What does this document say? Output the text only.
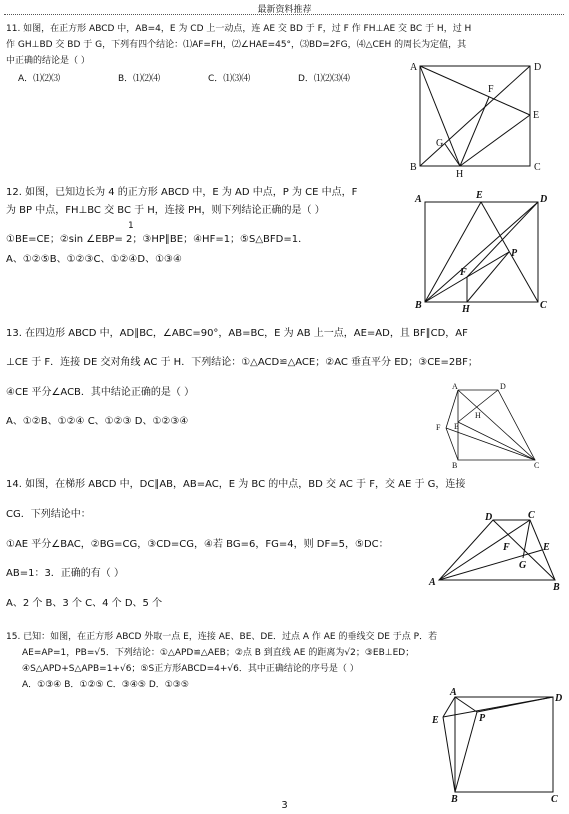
最新资料推荐
11. 如图，在正方形 ABCD 中，AB=4，E 为 CD 上一动点，连 AE 交 BD 于 F，过 F 作 FH⊥AE 交 BC 于 H，过 H
作 GH⊥BD 交 BD 于 G，下列有四个结论：⑴AF=FH，⑵∠HAE=45°，⑶BD=2FG，⑷△CEH 的周长为定值，其
中正确的结论是（ ）
A．⑴⑵⑶	B．⑴⑵⑷	C．⑴⑶⑷	D．⑴⑵⑶⑷
A	D
B	C
E
F
G
H
12. 如图，已知边长为 4 的正方形 ABCD 中，E 为 AD 中点，P 为 CE 中点，F
为 BP 中点，FH⊥BC 交 BC 于 H，连接 PH，则下列结论正确的是（ ）
1
①BE=CE；②sin ∠EBP= 2；③HP∥BE；④HF=1；⑤S△BFD=1．
A、①②⑤B、①②③C、①②④D、①③④
A	D
B	C
E
P
F
H
13. 在四边形 ABCD 中，AD∥BC，∠ABC=90°，AB=BC，E 为 AB 上一点，AE=AD，且 BF∥CD，AF
⊥CE 于 F．连接 DE 交对角线 AC 于 H．下列结论：①△ACD≌△ACE；②AC 垂直平分 ED；③CE=2BF；
④CE 平分∠ACB．其中结论正确的是（ ）
A、①②B、①②④ C、①②③ D、①②③④
A	D
B	C
E
F
H
14. 如图，在梯形 ABCD 中，DC∥AB，AB=AC，E 为 BC 的中点，BD 交 AC 于 F，交 AE 于 G，连接
CG．下列结论中：
①AE 平分∠BAC，②BG=CG，③CD=CG，④若 BG=6，FG=4，则 DF=5，⑤DC：
AB=1：3．正确的有（ ）
A、2 个 B、3 个 C、4 个 D、5 个
A	B
C
D
E
F
G
15. 已知：如图，在正方形 ABCD 外取一点 E，连接 AE、BE、DE．过点 A 作 AE 的垂线交 DE 于点 P．若
AE=AP=1，PB=√5．下列结论：①△APD≌△AEB；②点 B 到直线 AE 的距离为√2；③EB⊥ED；
④S△APD+S△APB=1+√6；⑤S正方形ABCD=4+√6．其中正确结论的序号是（ ）
A．①③④ B．①②⑤ C．③④⑤ D．①③⑤
A
D
B	C
E	P
3
